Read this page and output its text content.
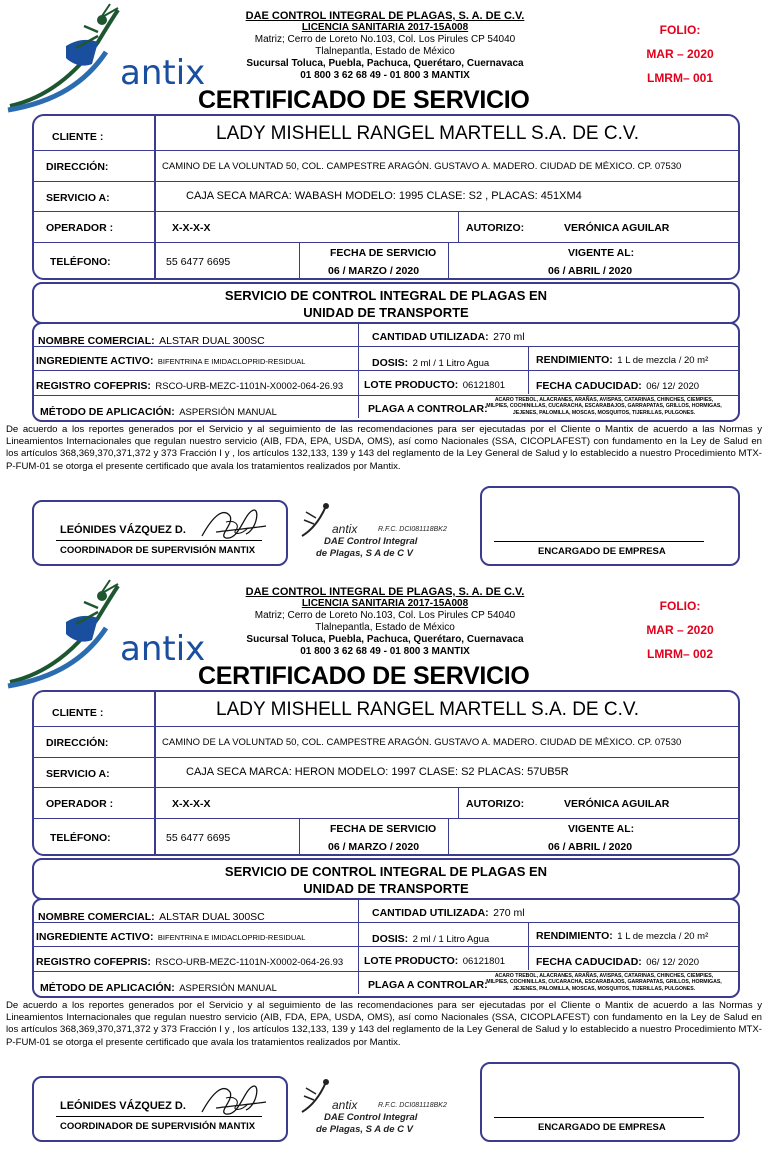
antix
DAE CONTROL INTEGRAL DE PLAGAS, S. A. DE C.V.
LICENCIA SANITARIA 2017-15A008
Matriz; Cerro de Loreto No.103, Col. Los Pirules CP 54040
Tlalnepantla, Estado de México
Sucursal Toluca, Puebla, Pachuca, Querétaro, Cuernavaca
01 800 3 62 68 49 - 01 800 3 MANTIX
FOLIO:
MAR – 2020
LMRM– 001
CERTIFICADO DE SERVICIO
CLIENTE :	LADY MISHELL RANGEL MARTELL S.A. DE C.V.
DIRECCIÓN:	CAMINO DE LA VOLUNTAD 50, COL. CAMPESTRE ARAGÓN. GUSTAVO A. MADERO. CIUDAD DE MÉXICO. CP. 07530
SERVICIO A:	CAJA SECA MARCA: WABASH MODELO: 1995 CLASE: S2 , PLACAS: 451XM4
OPERADOR :	X-X-X-X	AUTORIZO:	VERÓNICA AGUILAR
TELÉFONO:	55 6477 6695
FECHA DE SERVICIO
06 / MARZO / 2020
VIGENTE AL:
06 / ABRIL / 2020
SERVICIO DE CONTROL INTEGRAL DE PLAGAS EN
UNIDAD DE TRANSPORTE
NOMBRE COMERCIAL: ALSTAR DUAL 300SC	CANTIDAD UTILIZADA: 270 ml
INGREDIENTE ACTIVO: BIFENTRINA E IMIDACLOPRID-RESIDUAL	DOSIS: 2 ml / 1 Litro Agua	RENDIMIENTO: 1 L de mezcla / 20 m²
REGISTRO COFEPRIS: RSCO-URB-MEZC-1101N-X0002-064-26.93 LOTE PRODUCTO: 06121801	FECHA CADUCIDAD: 06/ 12/ 2020
MÉTODO DE APLICACIÓN: ASPERSIÓN MANUAL	PLAGA A CONTROLAR:
ACARO TREBOL, ALACRANES, ARAÑAS, AVISPAS, CATARINAS, CHINCHES, CIEMPIES,
MILPIES, COCHINILLAS, CUCARACHA, ESCARABAJOS, GARRAPATAS, GRILLOS, HORMIGAS,
JEJENES, PALOMILLA, MOSCAS, MOSQUITOS, TIJERILLAS, PULGONES.
De acuerdo a los reportes generados por el Servicio y al seguimiento de las recomendaciones para ser ejecutadas por el Cliente o Mantix de acuerdo a las Normas y Lineamientos Internacionales que regulan nuestro servicio (AIB, FDA, EPA, USDA, OMS), así como Nacionales (SSA, CICOPLAFEST) con fundamento en la Ley de Salud en los artículos 368,369,370,371,372 y 373 Fracción I y , los artículos 132,133, 139 y 143 del reglamento de la Ley General de Salud y lo establecido a nuestro Procedimiento MTX-P-FUM-01 se otorga el presente certificado que avala los tratamientos realizados por Mantix.
LEÓNIDES VÁZQUEZ D.
COORDINADOR DE SUPERVISIÓN MANTIX
antix	R.F.C. DCI081118BK2
DAE Control Integral
de Plagas, S A de C V	ENCARGADO DE EMPRESA
antix
DAE CONTROL INTEGRAL DE PLAGAS, S. A. DE C.V.
LICENCIA SANITARIA 2017-15A008
Matriz; Cerro de Loreto No.103, Col. Los Pirules CP 54040
Tlalnepantla, Estado de México
Sucursal Toluca, Puebla, Pachuca, Querétaro, Cuernavaca
01 800 3 62 68 49 - 01 800 3 MANTIX
FOLIO:
MAR – 2020
LMRM– 002
CERTIFICADO DE SERVICIO
CLIENTE :	LADY MISHELL RANGEL MARTELL S.A. DE C.V.
DIRECCIÓN:	CAMINO DE LA VOLUNTAD 50, COL. CAMPESTRE ARAGÓN. GUSTAVO A. MADERO. CIUDAD DE MÉXICO. CP. 07530
SERVICIO A:	CAJA SECA MARCA: HERON MODELO: 1997 CLASE: S2 PLACAS: 57UB5R
OPERADOR :	X-X-X-X	AUTORIZO:	VERÓNICA AGUILAR
TELÉFONO:	55 6477 6695
FECHA DE SERVICIO
06 / MARZO / 2020
VIGENTE AL:
06 / ABRIL / 2020
SERVICIO DE CONTROL INTEGRAL DE PLAGAS EN
UNIDAD DE TRANSPORTE
NOMBRE COMERCIAL: ALSTAR DUAL 300SC	CANTIDAD UTILIZADA: 270 ml
INGREDIENTE ACTIVO: BIFENTRINA E IMIDACLOPRID-RESIDUAL	DOSIS: 2 ml / 1 Litro Agua	RENDIMIENTO: 1 L de mezcla / 20 m²
REGISTRO COFEPRIS: RSCO-URB-MEZC-1101N-X0002-064-26.93 LOTE PRODUCTO: 06121801	FECHA CADUCIDAD: 06/ 12/ 2020
MÉTODO DE APLICACIÓN: ASPERSIÓN MANUAL	PLAGA A CONTROLAR:
ACARO TREBOL, ALACRANES, ARAÑAS, AVISPAS, CATARINAS, CHINCHES, CIEMPIES,
MILPIES, COCHINILLAS, CUCARACHA, ESCARABAJOS, GARRAPATAS, GRILLOS, HORMIGAS,
JEJENES, PALOMILLA, MOSCAS, MOSQUITOS, TIJERILLAS, PULGONES.
De acuerdo a los reportes generados por el Servicio y al seguimiento de las recomendaciones para ser ejecutadas por el Cliente o Mantix de acuerdo a las Normas y Lineamientos Internacionales que regulan nuestro servicio (AIB, FDA, EPA, USDA, OMS), así como Nacionales (SSA, CICOPLAFEST) con fundamento en la Ley de Salud en los artículos 368,369,370,371,372 y 373 Fracción I y , los artículos 132,133, 139 y 143 del reglamento de la Ley General de Salud y lo establecido a nuestro Procedimiento MTX-P-FUM-01 se otorga el presente certificado que avala los tratamientos realizados por Mantix.
LEÓNIDES VÁZQUEZ D.
COORDINADOR DE SUPERVISIÓN MANTIX
antix	R.F.C. DCI081118BK2
DAE Control Integral
de Plagas, S A de C V	ENCARGADO DE EMPRESA
